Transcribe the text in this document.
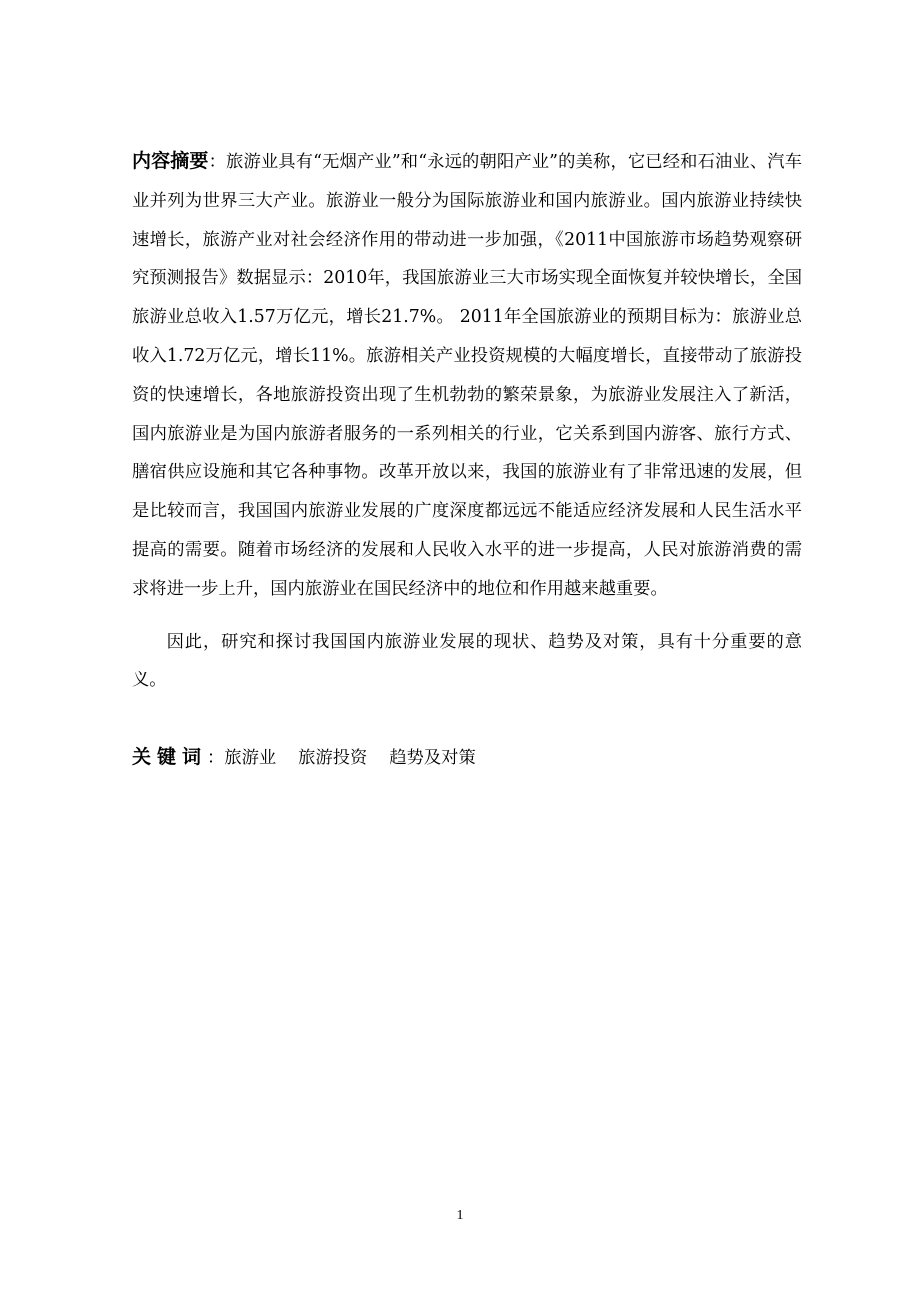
内容摘要：旅游业具有“无烟产业”和“永远的朝阳产业”的美称，它已经和石油业、汽车业并列为世界三大产业。旅游业一般分为国际旅游业和国内旅游业。国内旅游业持续快速增长，旅游产业对社会经济作用的带动进一步加强，《2011中国旅游市场趋势观察研究预测报告》数据显示：2010年，我国旅游业三大市场实现全面恢复并较快增长，全国旅游业总收入1.57万亿元，增长21.7%。 2011年全国旅游业的预期目标为：旅游业总收入1.72万亿元，增长11%。旅游相关产业投资规模的大幅度增长，直接带动了旅游投资的快速增长，各地旅游投资出现了生机勃勃的繁荣景象，为旅游业发展注入了新活，国内旅游业是为国内旅游者服务的一系列相关的行业，它关系到国内游客、旅行方式、膳宿供应设施和其它各种事物。改革开放以来，我国的旅游业有了非常迅速的发展，但是比较而言，我国国内旅游业发展的广度深度都远远不能适应经济发展和人民生活水平提高的需要。随着市场经济的发展和人民收入水平的进一步提高，人民对旅游消费的需求将进一步上升，国内旅游业在国民经济中的地位和作用越来越重要。

因此，研究和探讨我国国内旅游业发展的现状、趋势及对策，具有十分重要的意义。

关键词：旅游业 旅游投资 趋势及对策
1
